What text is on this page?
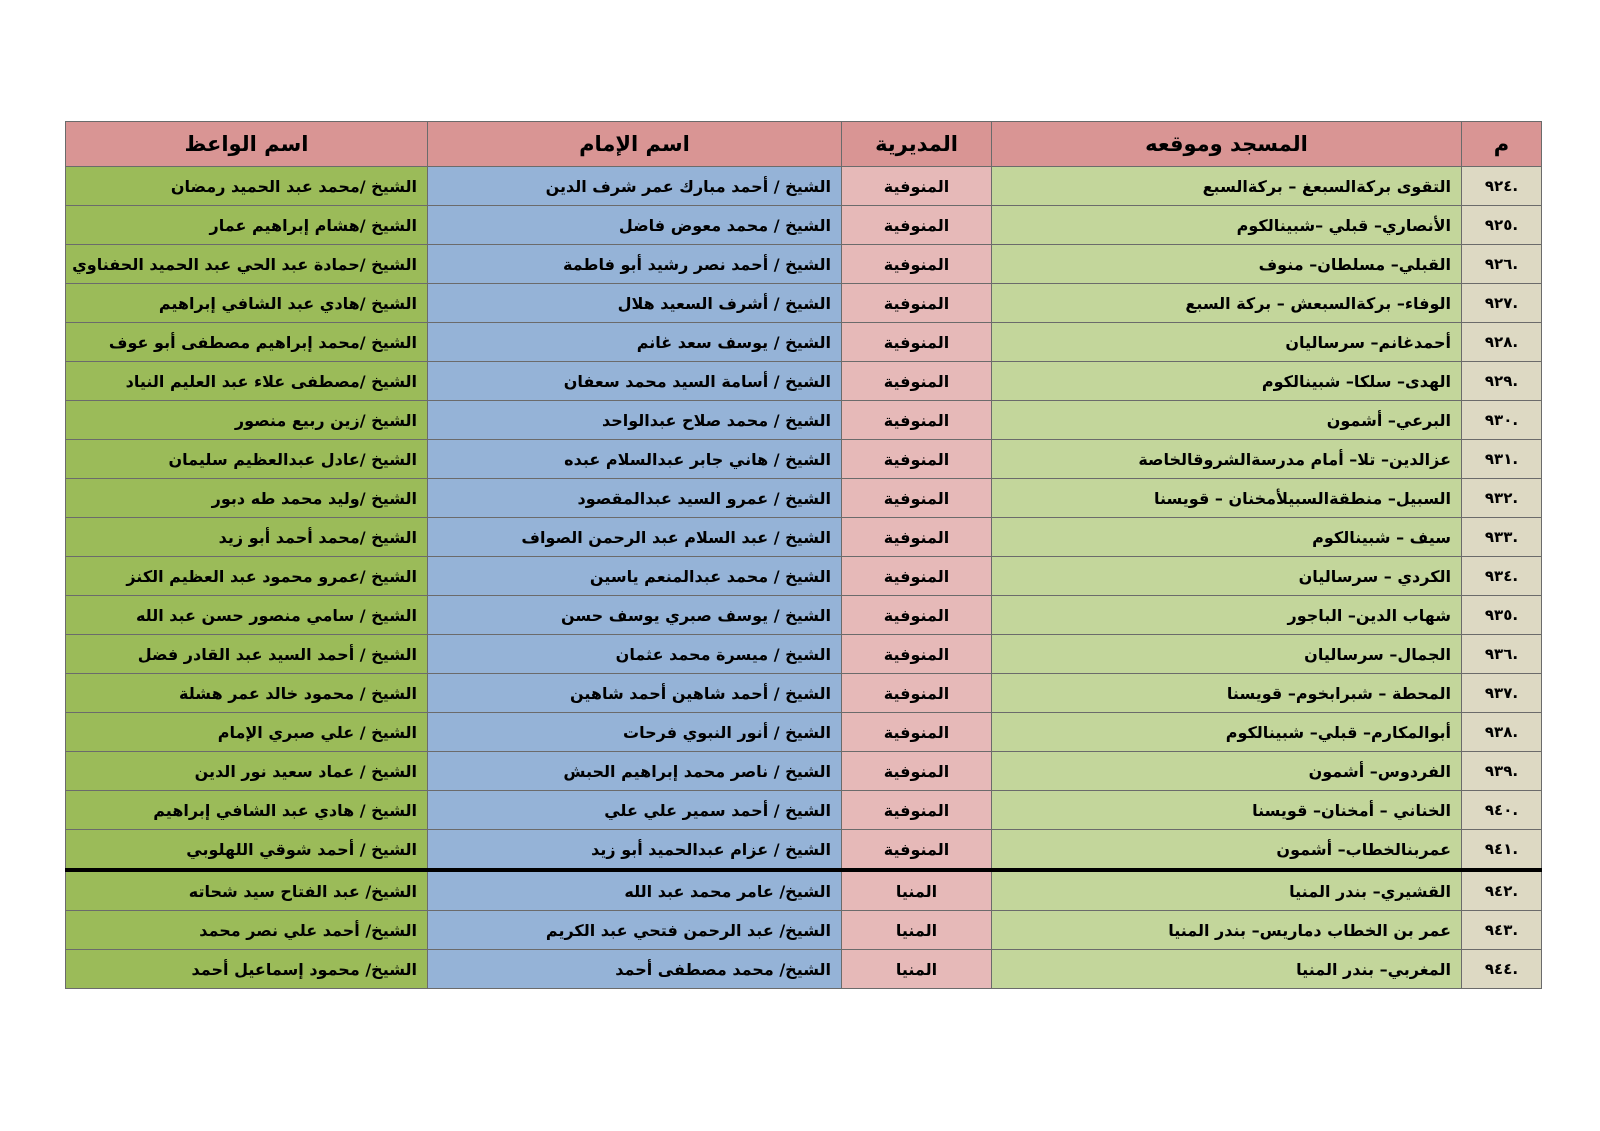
م	المسجد وموقعه	المديرية	اسم الإمام	اسم الواعظ
.٩٢٤	التقوى بركةالسبعغ – بركةالسبع	المنوفية	الشيخ / أحمد مبارك عمر شرف الدين	الشيخ /محمد عبد الحميد رمضان
.٩٢٥	الأنصاري– قبلي –شبينالكوم	المنوفية	الشيخ / محمد معوض فاضل	الشيخ /هشام إبراهيم عمار
.٩٢٦	القبلي– مسلطان– منوف	المنوفية	الشيخ / أحمد نصر رشيد أبو فاطمة	الشيخ /حمادة عبد الحي عبد الحميد الحفناوي
.٩٢٧	الوفاء– بركةالسبعش – بركة السبع	المنوفية	الشيخ / أشرف السعيد هلال	الشيخ /هادي عبد الشافي إبراهيم
.٩٢٨	أحمدغانم– سرساليان	المنوفية	الشيخ / يوسف سعد غانم	الشيخ /محمد إبراهيم مصطفى أبو عوف
.٩٢٩	الهدى– سلكا– شبينالكوم	المنوفية	الشيخ / أسامة السيد محمد سعفان	الشيخ /مصطفى علاء عبد العليم النياد
.٩٣٠	البرعي– أشمون	المنوفية	الشيخ / محمد صلاح عبدالواحد	الشيخ /زين ربيع منصور
.٩٣١	عزالدين– تلا– أمام مدرسةالشروقالخاصة	المنوفية	الشيخ / هاني جابر عبدالسلام عبده	الشيخ /عادل عبدالعظيم سليمان
.٩٣٢	السبيل– منطقةالسبيلأمخنان – قويسنا	المنوفية	الشيخ / عمرو السيد عبدالمقصود	الشيخ /وليد محمد طه دبور
.٩٣٣	سيف – شبينالكوم	المنوفية	الشيخ / عبد السلام عبد الرحمن الصواف	الشيخ /محمد أحمد أبو زيد
.٩٣٤	الكردي – سرساليان	المنوفية	الشيخ / محمد عبدالمنعم ياسين	الشيخ /عمرو محمود عبد العظيم الكنز
.٩٣٥	شهاب الدين– الباجور	المنوفية	الشيخ / يوسف صبري يوسف حسن	الشيخ / سامي منصور حسن عبد الله
.٩٣٦	الجمال– سرساليان	المنوفية	الشيخ / ميسرة محمد عثمان	الشيخ / أحمد السيد عبد القادر فضل
.٩٣٧	المحطة – شبرابخوم– قويسنا	المنوفية	الشيخ / أحمد شاهين أحمد شاهين	الشيخ / محمود خالد عمر هشلة
.٩٣٨	أبوالمكارم– قبلي– شبينالكوم	المنوفية	الشيخ / أنور النبوي فرحات	الشيخ / علي صبري الإمام
.٩٣٩	الفردوس– أشمون	المنوفية	الشيخ / ناصر محمد إبراهيم الحبش	الشيخ / عماد سعيد نور الدين
.٩٤٠	الخناني – أمخنان– قويسنا	المنوفية	الشيخ / أحمد سمير علي علي	الشيخ / هادي عبد الشافي إبراهيم
.٩٤١	عمربنالخطاب– أشمون	المنوفية	الشيخ / عزام عبدالحميد أبو زيد	الشيخ / أحمد شوقي اللهلوبي
.٩٤٢	القشيري– بندر المنيا	المنيا	الشيخ/ عامر محمد عبد الله	الشيخ/ عبد الفتاح سيد شحاته
.٩٤٣	عمر بن الخطاب دماريس– بندر المنيا	المنيا	الشيخ/ عبد الرحمن فتحي عبد الكريم	الشيخ/ أحمد علي نصر محمد
.٩٤٤	المغربي– بندر المنيا	المنيا	الشيخ/ محمد مصطفى أحمد	الشيخ/ محمود إسماعيل أحمد
